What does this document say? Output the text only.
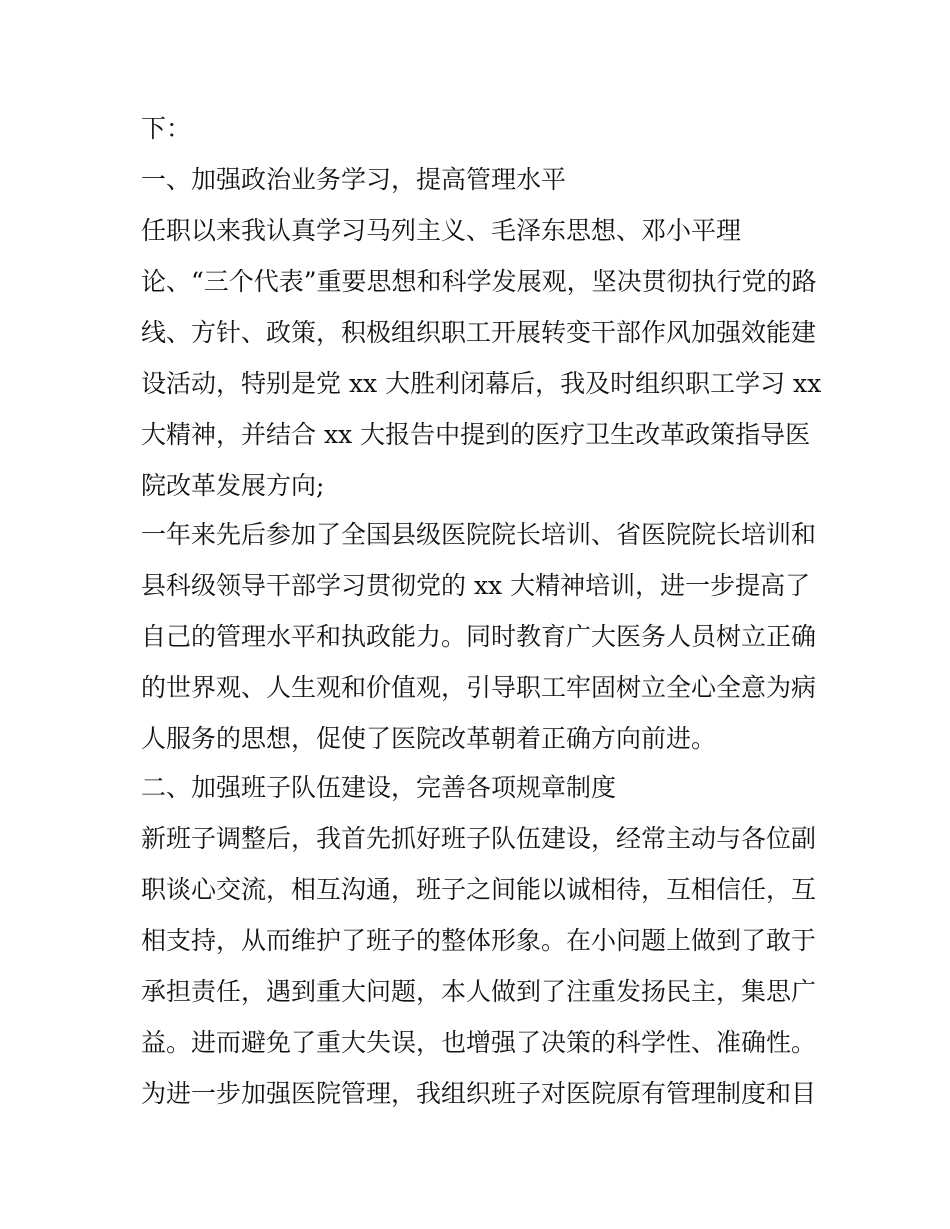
下：
一、加强政治业务学习，提高管理水平
任职以来我认真学习马列主义、毛泽东思想、邓小平理
论、“三个代表”重要思想和科学发展观，坚决贯彻执行党的路
线、方针、政策，积极组织职工开展转变干部作风加强效能建
设活动，特别是党 xx 大胜利闭幕后，我及时组织职工学习 xx
大精神，并结合 xx 大报告中提到的医疗卫生改革政策指导医
院改革发展方向;
一年来先后参加了全国县级医院院长培训、省医院院长培训和
县科级领导干部学习贯彻党的 xx 大精神培训，进一步提高了
自己的管理水平和执政能力。同时教育广大医务人员树立正确
的世界观、人生观和价值观，引导职工牢固树立全心全意为病
人服务的思想，促使了医院改革朝着正确方向前进。
二、加强班子队伍建设，完善各项规章制度
新班子调整后，我首先抓好班子队伍建设，经常主动与各位副
职谈心交流，相互沟通，班子之间能以诚相待，互相信任，互
相支持，从而维护了班子的整体形象。在小问题上做到了敢于
承担责任，遇到重大问题，本人做到了注重发扬民主，集思广
益。进而避免了重大失误，也增强了决策的科学性、准确性。
为进一步加强医院管理，我组织班子对医院原有管理制度和目
